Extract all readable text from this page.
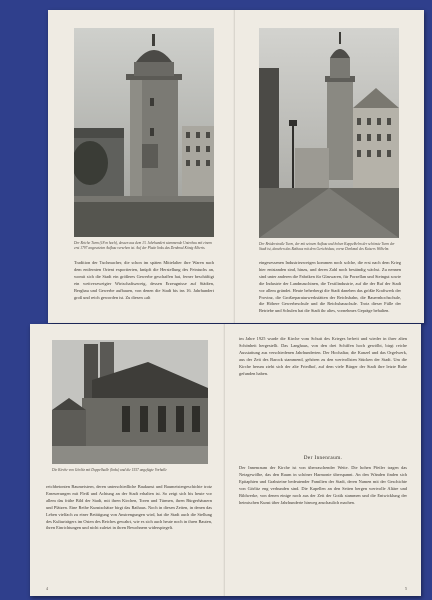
Der Reiche Turm (18 m hoch), dessen aus dem 13. Jahrhundert stammende Unterbau mit einem erst 1797 angesetzten Aufbau versehen ist. Auf der Platte links das Denkmal König Alberts.
Tradition der Tuchmacher, die schon im späten Mittelalter ihre Waren nach dem entfernten Orient exportierten, knüpft die Herstellung des Feintuchs an, womit sich die Stadt ein größeres Gewerbe geschaffen hat, ferner beschäftigt ein weitverzweigter Wirtschaftszweig, dessen Erzeugnisse auf Städten, Bergbau und Gewerbe aufbauen, von denen die Stadt bis ins 16. Jahrhundert groß und reich geworden ist. Zu diesen »alt
Der Brüderstraße Turm, der mit seinem Aufbau und hohen Kuppelhelm der schönste Turm der Stadt ist, daneben das Rathaus mit dem Gerichtsbau, vorne Denkmal des Kaisers Wilhelm.
eingesessenen Industriezweigen kommen noch solche, die erst nach dem Krieg hier entstanden sind, hinzu, und deren Zahl noch beständig wächst. Zu nennen sind unter anderen die Fabriken für Glaswaren, für Porzellan und Steingut sowie die Industrie der Landmaschinen, die Textilindustrie, auf die der Ruf der Stadt vor allem gründet. Heute beherbergt die Stadt daneben das größte Kraftwerk der Provinz, die Großreparaturwerkstätten der Reichsbahn, die Bauernhochschule, die Höhere Gewerbeschule und die Reichsbauschule. Trotz dieser Fülle der Betriebe und Schulen hat die Stadt ihr altes, vornehmes Gepräge behalten.
Die Kirche von Görlitz mit Doppelhalle (links) und die 1557 angefügte Vorhalle
reichbetonten Baumeistern, deren unterschiedliche Baukunst und Baumeistergeschichte trotz Erneuerungen mit Fleiß und Achtung an der Stadt erhalten ist. So zeigt sich bis heute vor allem das frühe Bild der Stadt, mit ihren Kirchen, Toren und Türmen, ihren Bürgerhäusern und Plätzen. Eine Reihe Kunstschätze birgt das Rathaus. Noch in diesen Zeiten, in denen das Leben vielfach zu einer Betätigung von Anstrengungen wird, hat die Stadt auch die Stellung des Kulturträgers im Osten des Reiches gewahrt, wie es sich auch heute noch in ihren Bauten, ihren Einrichtungen und nicht zuletzt in ihren Bewohnern widerspiegelt.
4
im Jahre 1925 wurde die Kirche vom Schutt des Krieges befreit und wieder in ihrer alten Schönheit hergestellt. Das Langhaus, von den drei Schiffen hoch gewölbt, birgt reiche Ausstattung aus verschiedenen Jahrhunderten. Der Hochaltar, die Kanzel und das Orgelwerk, aus der Zeit des Barock stammend, gehören zu den wertvollsten Stücken der Stadt. Um die Kirche herum zieht sich der alte Friedhof, auf dem viele Bürger der Stadt ihre letzte Ruhe gefunden haben.
Der Innenraum.
Der Innenraum der Kirche ist von überraschender Weite. Die hohen Pfeiler tragen das Netzgewölbe, das den Raum in schöner Harmonie überspannt. An den Wänden finden sich Epitaphien und Grabsteine bedeutender Familien der Stadt, deren Namen mit der Geschichte von Görlitz eng verbunden sind. Die Kapellen an den Seiten bergen wertvolle Altäre und Bildwerke, von denen einige noch aus der Zeit der Gotik stammen und die Entwicklung der heimischen Kunst über Jahrhunderte hinweg anschaulich machen.
5
